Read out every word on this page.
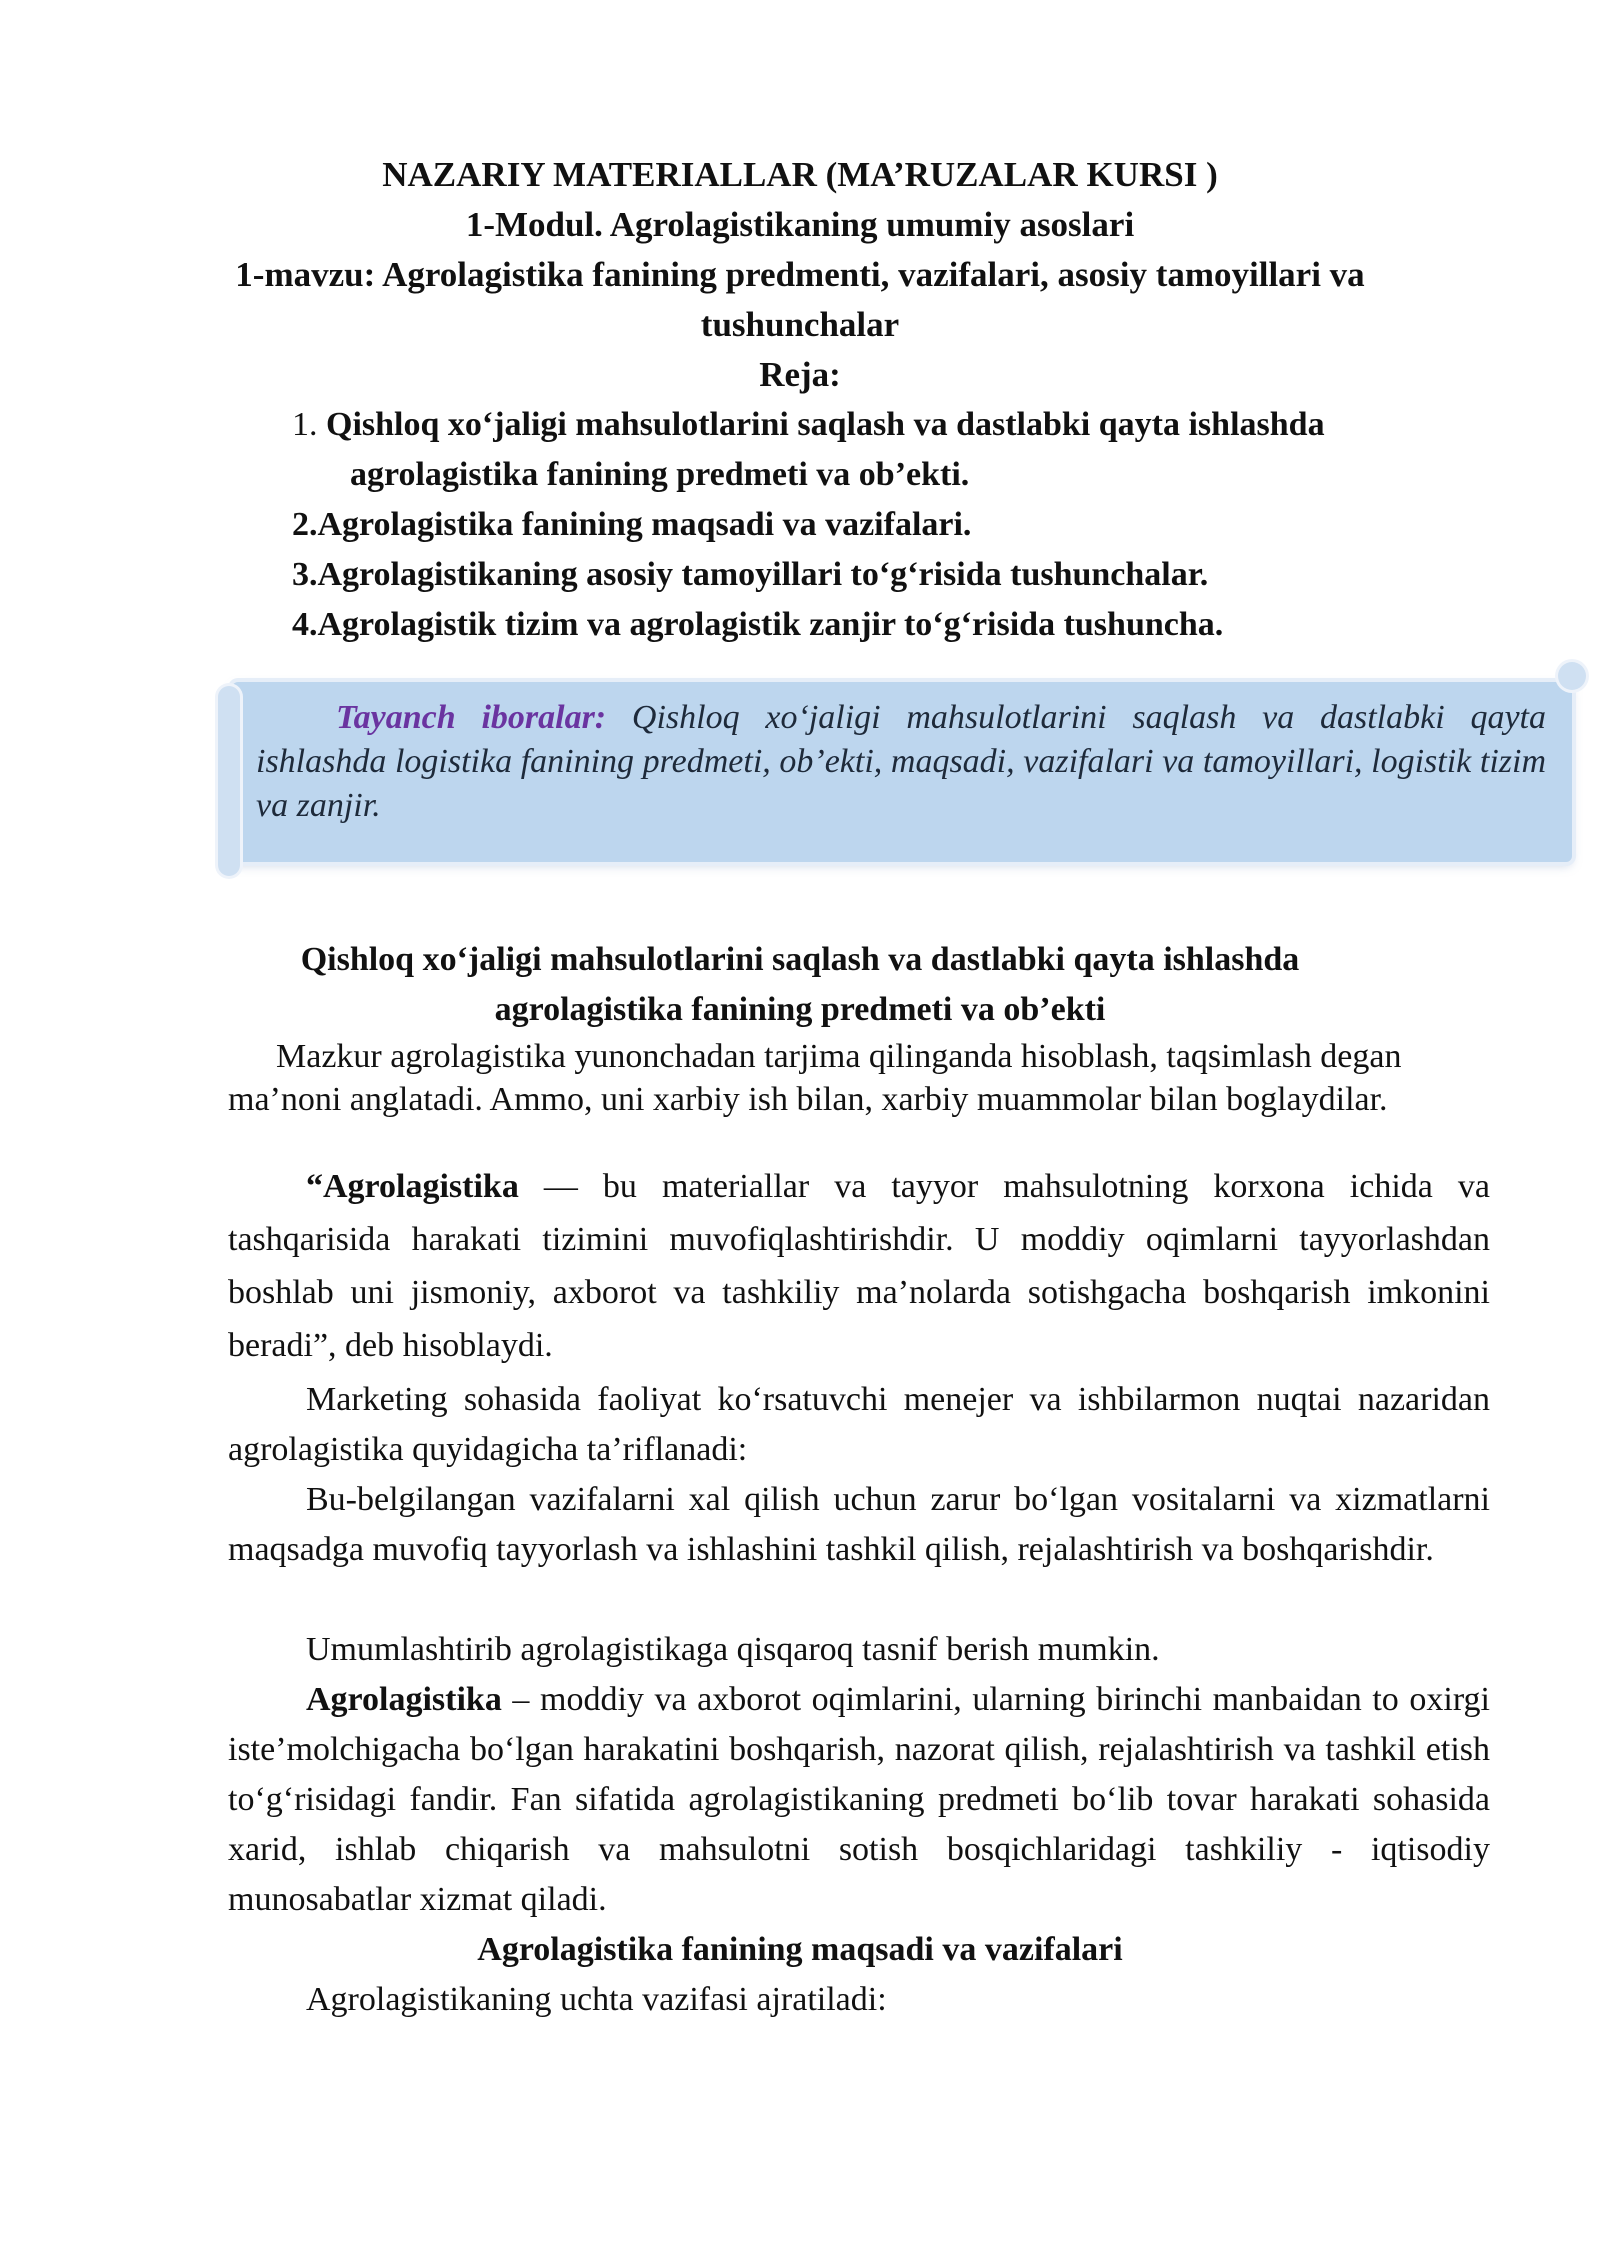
NAZARIY MATERIALLAR (MA’RUZALAR KURSI )
1-Modul. Agrolagistikaning umumiy asoslari
1-mavzu: Agrolagistika fanining predmenti, vazifalari, asosiy tamoyillari va
tushunchalar
Reja:
1. Qishloq xo‘jaligi mahsulotlarini saqlash va dastlabki qayta ishlashda
agrolagistika fanining predmeti va ob’ekti.
2.Agrolagistika fanining maqsadi va vazifalari.
3.Agrolagistikaning asosiy tamoyillari to‘g‘risida tushunchalar.
4.Agrolagistik tizim va agrolagistik zanjir to‘g‘risida tushuncha.
Tayanch iboralar: Qishloq xo‘jaligi mahsulotlarini saqlash va dastlabki qayta ishlashda logistika fanining predmeti, ob’ekti, maqsadi, vazifalari va tamoyillari, logistik tizim va zanjir.
Qishloq xo‘jaligi mahsulotlarini saqlash va dastlabki qayta ishlashda
agrolagistika fanining predmeti va ob’ekti

Mazkur agrolagistika yunonchadan tarjima qilinganda hisoblash, taqsimlash degan ma’noni anglatadi. Ammo, uni xarbiy ish bilan, xarbiy muammolar bilan boglaydilar.

“Agrolagistika — bu materiallar va tayyor mahsulotning korxona ichida va tashqarisida harakati tizimini muvofiqlashtirishdir. U moddiy oqimlarni tayyorlashdan boshlab uni jismoniy, axborot va tashkiliy ma’nolarda sotishgacha boshqarish imkonini beradi”, deb hisoblaydi.

Marketing sohasida faoliyat ko‘rsatuvchi menejer va ishbilarmon nuqtai nazaridan agrolagistika quyidagicha ta’riflanadi:

Bu-belgilangan vazifalarni xal qilish uchun zarur bo‘lgan vositalarni va xizmatlarni maqsadga muvofiq tayyorlash va ishlashini tashkil qilish, rejalashtirish va boshqarishdir.

Umumlashtirib agrolagistikaga qisqaroq tasnif berish mumkin.

Agrolagistika – moddiy va axborot oqimlarini, ularning birinchi manbaidan to oxirgi iste’molchigacha bo‘lgan harakatini boshqarish, nazorat qilish, rejalashtirish va tashkil etish to‘g‘risidagi fandir. Fan sifatida agrolagistikaning predmeti bo‘lib tovar harakati sohasida xarid, ishlab chiqarish va mahsulotni sotish bosqichlaridagi tashkiliy - iqtisodiy munosabatlar xizmat qiladi.

Agrolagistika fanining maqsadi va vazifalari

Agrolagistikaning uchta vazifasi ajratiladi:
